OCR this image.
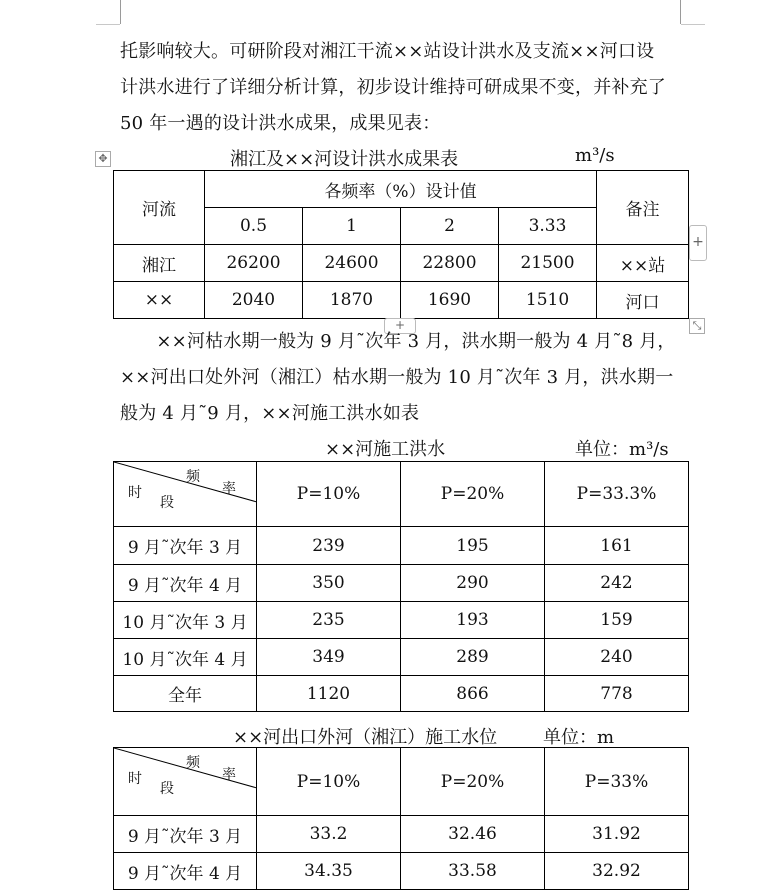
托影响较大。可研阶段对湘江干流××站设计洪水及支流××河口设
计洪水进行了详细分析计算，初步设计维持可研成果不变，并补充了
50 年一遇的设计洪水成果，成果见表：
湘江及××河设计洪水成果表	m³/s
✥
河流	各频率（%）设计值				备注
	0.5	1	2	3.33	
湘江	26200	24600	22800	21500	××站
××	2040	1870	1690	1510	河口
+
+	⤡
　　××河枯水期一般为 9 月˜次年 3 月，洪水期一般为 4 月˜8 月，
××河出口处外河（湘江）枯水期一般为 10 月˜次年 3 月，洪水期一
般为 4 月˜9 月，××河施工洪水如表
××河施工洪水	单位：m³/s
频
率
时
段	P=10%	P=20%	P=33.3%
9 月˜次年 3 月	239	195	161
9 月˜次年 4 月	350	290	242
10 月˜次年 3 月	235	193	159
10 月˜次年 4 月	349	289	240
全年	1120	866	778
××河出口外河（湘江）施工水位	单位：m
频
率
时
段	P=10%	P=20%	P=33%
9 月˜次年 3 月	33.2	32.46	31.92
9 月˜次年 4 月	34.35	33.58	32.92
